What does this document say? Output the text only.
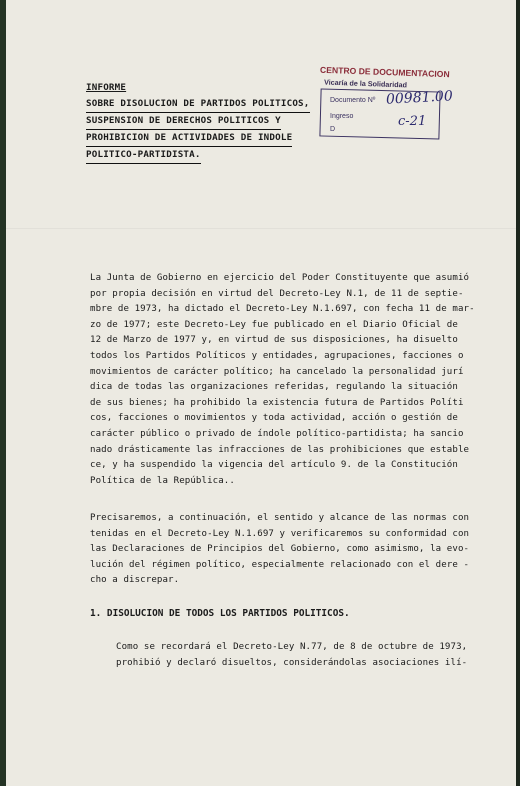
INFORME
SOBRE DISOLUCION DE PARTIDOS POLITICOS, SUSPENSION DE DERECHOS POLITICOS Y PROHIBICION DE ACTIVIDADES DE INDOLE POLITICO-PARTIDISTA.
CENTRO DE DOCUMENTACION
Vicaría de la Solidaridad
Documento Nº
Ingreso
D
00981.00
c-21
La Junta de Gobierno en ejercicio del Poder Constituyente que asumió
por propia decisión en virtud del Decreto-Ley N.1, de 11 de septie-
mbre de 1973, ha dictado el Decreto-Ley N.1.697, con fecha 11 de mar-
zo de 1977; este Decreto-Ley fue publicado en el Diario Oficial de
12 de Marzo de 1977 y, en virtud de sus disposiciones, ha disuelto
todos los Partidos Políticos y entidades, agrupaciones, facciones o
movimientos de carácter político; ha cancelado la personalidad jurí
dica de todas las organizaciones referidas, regulando la situación
de sus bienes; ha prohibido la existencia futura de Partidos Políti
cos, facciones o movimientos y toda actividad, acción o gestión de
carácter público o privado de índole político-partidista; ha sancio
nado drásticamente las infracciones de las prohibiciones que estable
ce, y ha suspendido la vigencia del artículo 9. de la Constitución
Política de la República..
Precisaremos, a continuación, el sentido y alcance de las normas con
tenidas en el Decreto-Ley N.1.697 y verificaremos su conformidad con
las Declaraciones de Principios del Gobierno, como asimismo, la evo-
lución del régimen político, especialmente relacionado con el dere -
cho a discrepar.
1. DISOLUCION DE TODOS LOS PARTIDOS POLITICOS.
Como se recordará el Decreto-Ley N.77, de 8 de octubre de 1973,
prohibió y declaró disueltos, considerándolas asociaciones ilí-
